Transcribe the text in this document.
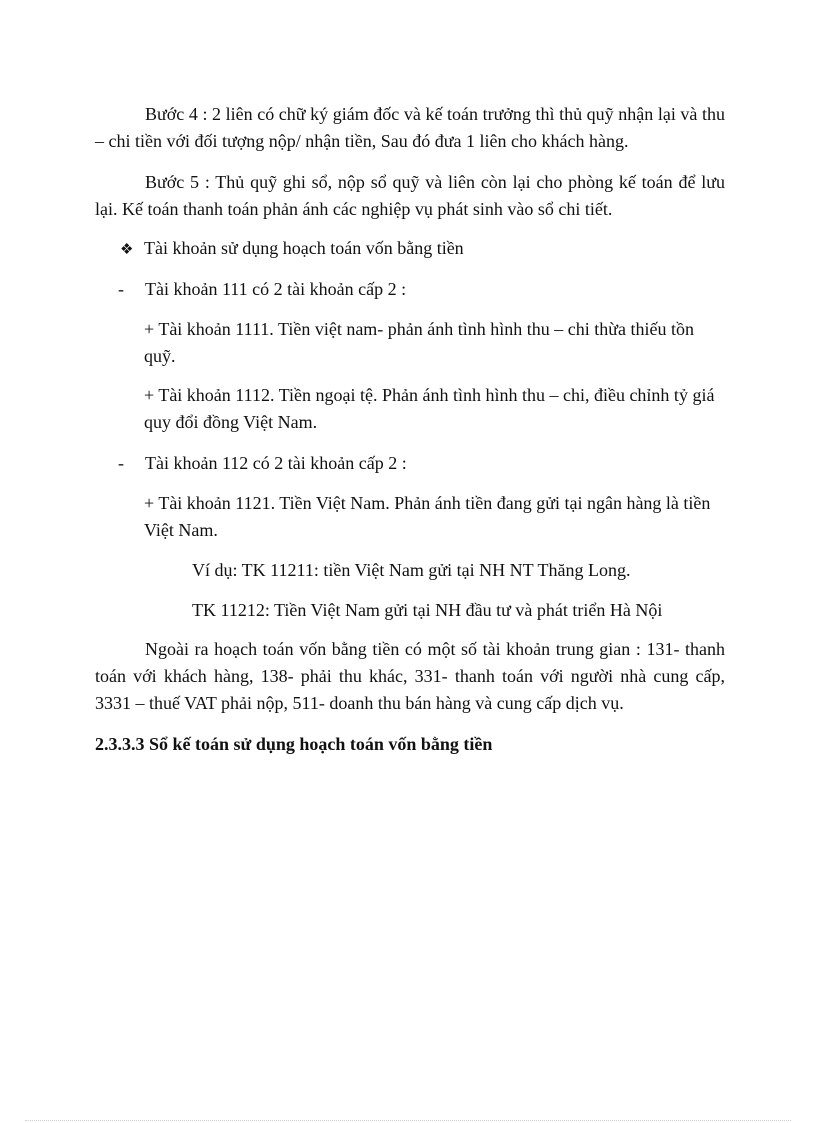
Bước 4 : 2 liên có chữ ký giám đốc và kế toán trưởng thì thủ quỹ nhận lại và thu – chi tiền với đối tượng nộp/ nhận tiền, Sau đó đưa 1 liên cho khách hàng.

Bước 5 : Thủ quỹ ghi sổ, nộp sổ quỹ và liên còn lại cho phòng kế toán để lưu lại. Kế toán thanh toán phản ánh các nghiệp vụ phát sinh vào sổ chi tiết.

❖ Tài khoản sử dụng hoạch toán vốn bằng tiền

- Tài khoản 111 có 2 tài khoản cấp 2 :

+ Tài khoản 1111. Tiền việt nam- phản ánh tình hình thu – chi thừa thiếu tồn quỹ.

+ Tài khoản 1112. Tiền ngoại tệ. Phản ánh tình hình thu – chi, điều chỉnh tỷ giá quy đổi đồng Việt Nam.

- Tài khoản 112 có 2 tài khoản cấp 2 :

+ Tài khoản 1121. Tiền Việt Nam. Phản ánh tiền đang gửi tại ngân hàng là tiền Việt Nam.

Ví dụ: TK 11211: tiền Việt Nam gửi tại NH NT Thăng Long.

TK 11212: Tiền Việt Nam gửi tại NH đầu tư và phát triển Hà Nội

Ngoài ra hoạch toán vốn bằng tiền có một số tài khoản trung gian : 131- thanh toán với khách hàng, 138- phải thu khác, 331- thanh toán với người nhà cung cấp, 3331 – thuế VAT phải nộp, 511- doanh thu bán hàng và cung cấp dịch vụ.

2.3.3.3 Sổ kế toán sử dụng hoạch toán vốn bằng tiền
